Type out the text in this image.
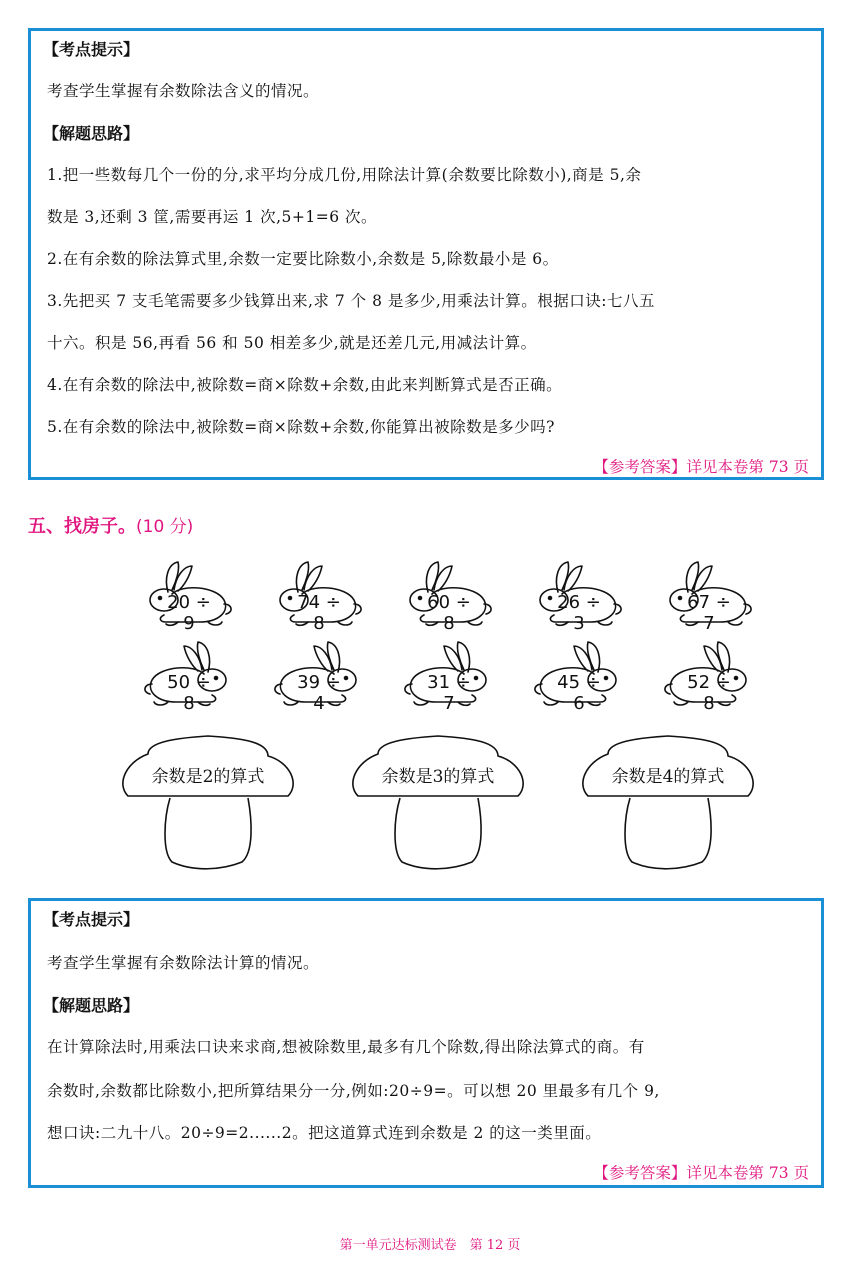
【考点提示】
考查学生掌握有余数除法含义的情况。
【解题思路】
1.把一些数每几个一份的分,求平均分成几份,用除法计算(余数要比除数小),商是 5,余
数是 3,还剩 3 筐,需要再运 1 次,5+1=6 次。
2.在有余数的除法算式里,余数一定要比除数小,余数是 5,除数最小是 6。
3.先把买 7 支毛笔需要多少钱算出来,求 7 个 8 是多少,用乘法计算。根据口诀:七八五
十六。积是 56,再看 56 和 50 相差多少,就是还差几元,用减法计算。
4.在有余数的除法中,被除数=商×除数+余数,由此来判断算式是否正确。
5.在有余数的除法中,被除数=商×除数+余数,你能算出被除数是多少吗?
【参考答案】详见本卷第 73 页
五、找房子。(10 分)
20 ÷ 9
74 ÷ 8
60 ÷ 8
26 ÷ 3
67 ÷ 7
50 ÷ 8
39 ÷ 4
31 ÷ 7
45 ÷ 6
52 ÷ 8
余数是2的算式	余数是3的算式	余数是4的算式
【考点提示】
考查学生掌握有余数除法计算的情况。
【解题思路】
在计算除法时,用乘法口诀来求商,想被除数里,最多有几个除数,得出除法算式的商。有
余数时,余数都比除数小,把所算结果分一分,例如:20÷9=。可以想 20 里最多有几个 9,
想口诀:二九十八。20÷9=2......2。把这道算式连到余数是 2 的这一类里面。
【参考答案】详见本卷第 73 页
第一单元达标测试卷　第 12 页
